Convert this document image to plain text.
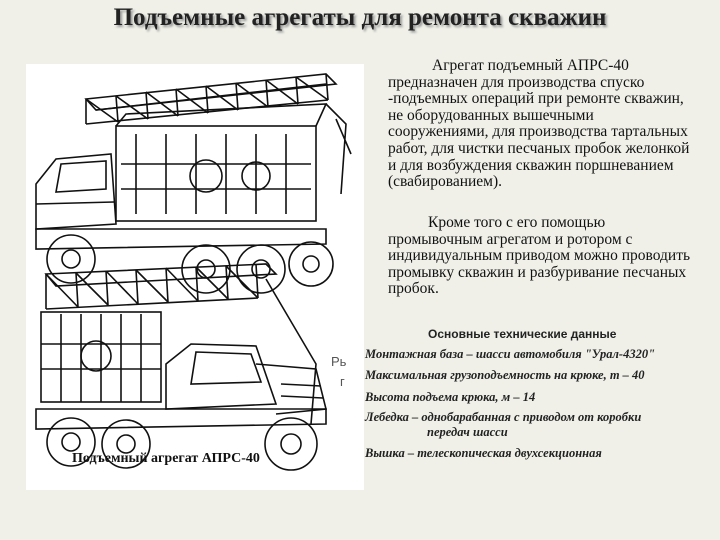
Подъемные агрегаты для ремонта скважин
Подъемный агрегат АПРС-40
Рь
г
Агрегат подъемный АПРС-40 предназначен для производства спуско -подъемных операций при ремонте скважин, не оборудованных вышечными сооружениями, для производства тартальных работ, для чистки песчаных пробок желонкой и для возбуждения скважин поршневанием (свабированием).
Кроме того с его помощью промывочным агрегатом и ротором с индивидуальным приводом можно проводить промывку скважин и разбуривание песчаных пробок.
Основные технические данные
Монтажная база – шасси автомобиля "Урал-4320"
Максимальная грузоподъемность на крюке, т – 40
Высота подъема крюка, м – 14
Лебедка – однобарабанная с приводом от коробки
передач шасси
Вышка – телескопическая двухсекционная
